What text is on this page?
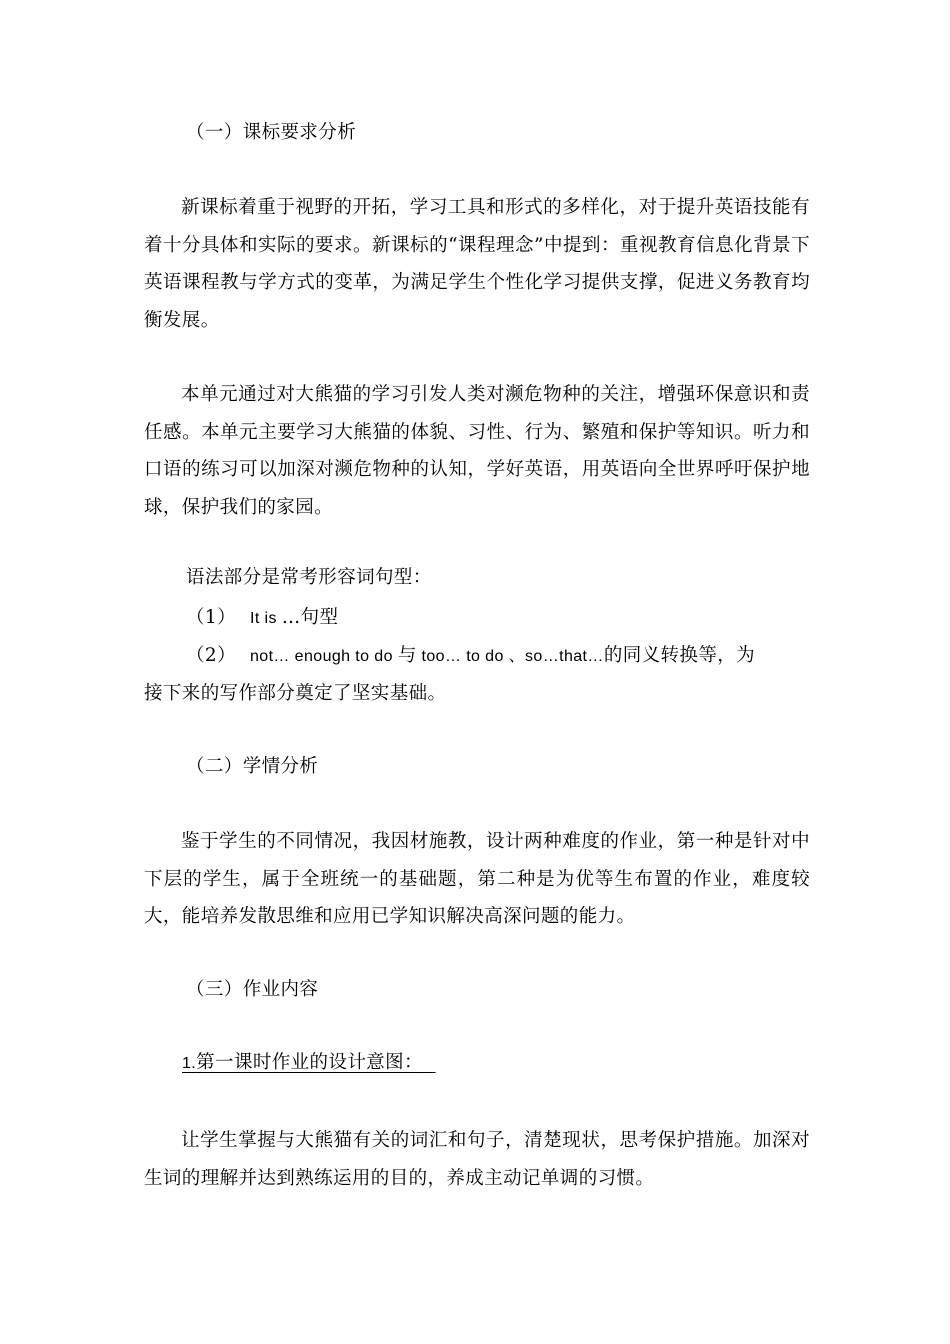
（一）课标要求分析

新课标着重于视野的开拓，学习工具和形式的多样化，对于提升英语技能有着十分具体和实际的要求。新课标的“课程理念”中提到：重视教育信息化背景下英语课程教与学方式的变革，为满足学生个性化学习提供支撑，促进义务教育均衡发展。

本单元通过对大熊猫的学习引发人类对濒危物种的关注，增强环保意识和责任感。本单元主要学习大熊猫的体貌、习性、行为、繁殖和保护等知识。听力和口语的练习可以加深对濒危物种的认知，学好英语，用英语向全世界呼吁保护地球，保护我们的家园。

语法部分是常考形容词句型：

（1） It is …句型

（2） not… enough to do 与 too… to do 、so…that…的同义转换等，为

接下来的写作部分奠定了坚实基础。

（二）学情分析

鉴于学生的不同情况，我因材施教，设计两种难度的作业，第一种是针对中下层的学生，属于全班统一的基础题，第二种是为优等生布置的作业，难度较大，能培养发散思维和应用已学知识解决高深问题的能力。

（三）作业内容

1.第一课时作业的设计意图：

让学生掌握与大熊猫有关的词汇和句子，清楚现状，思考保护措施。加深对生词的理解并达到熟练运用的目的，养成主动记单调的习惯。
